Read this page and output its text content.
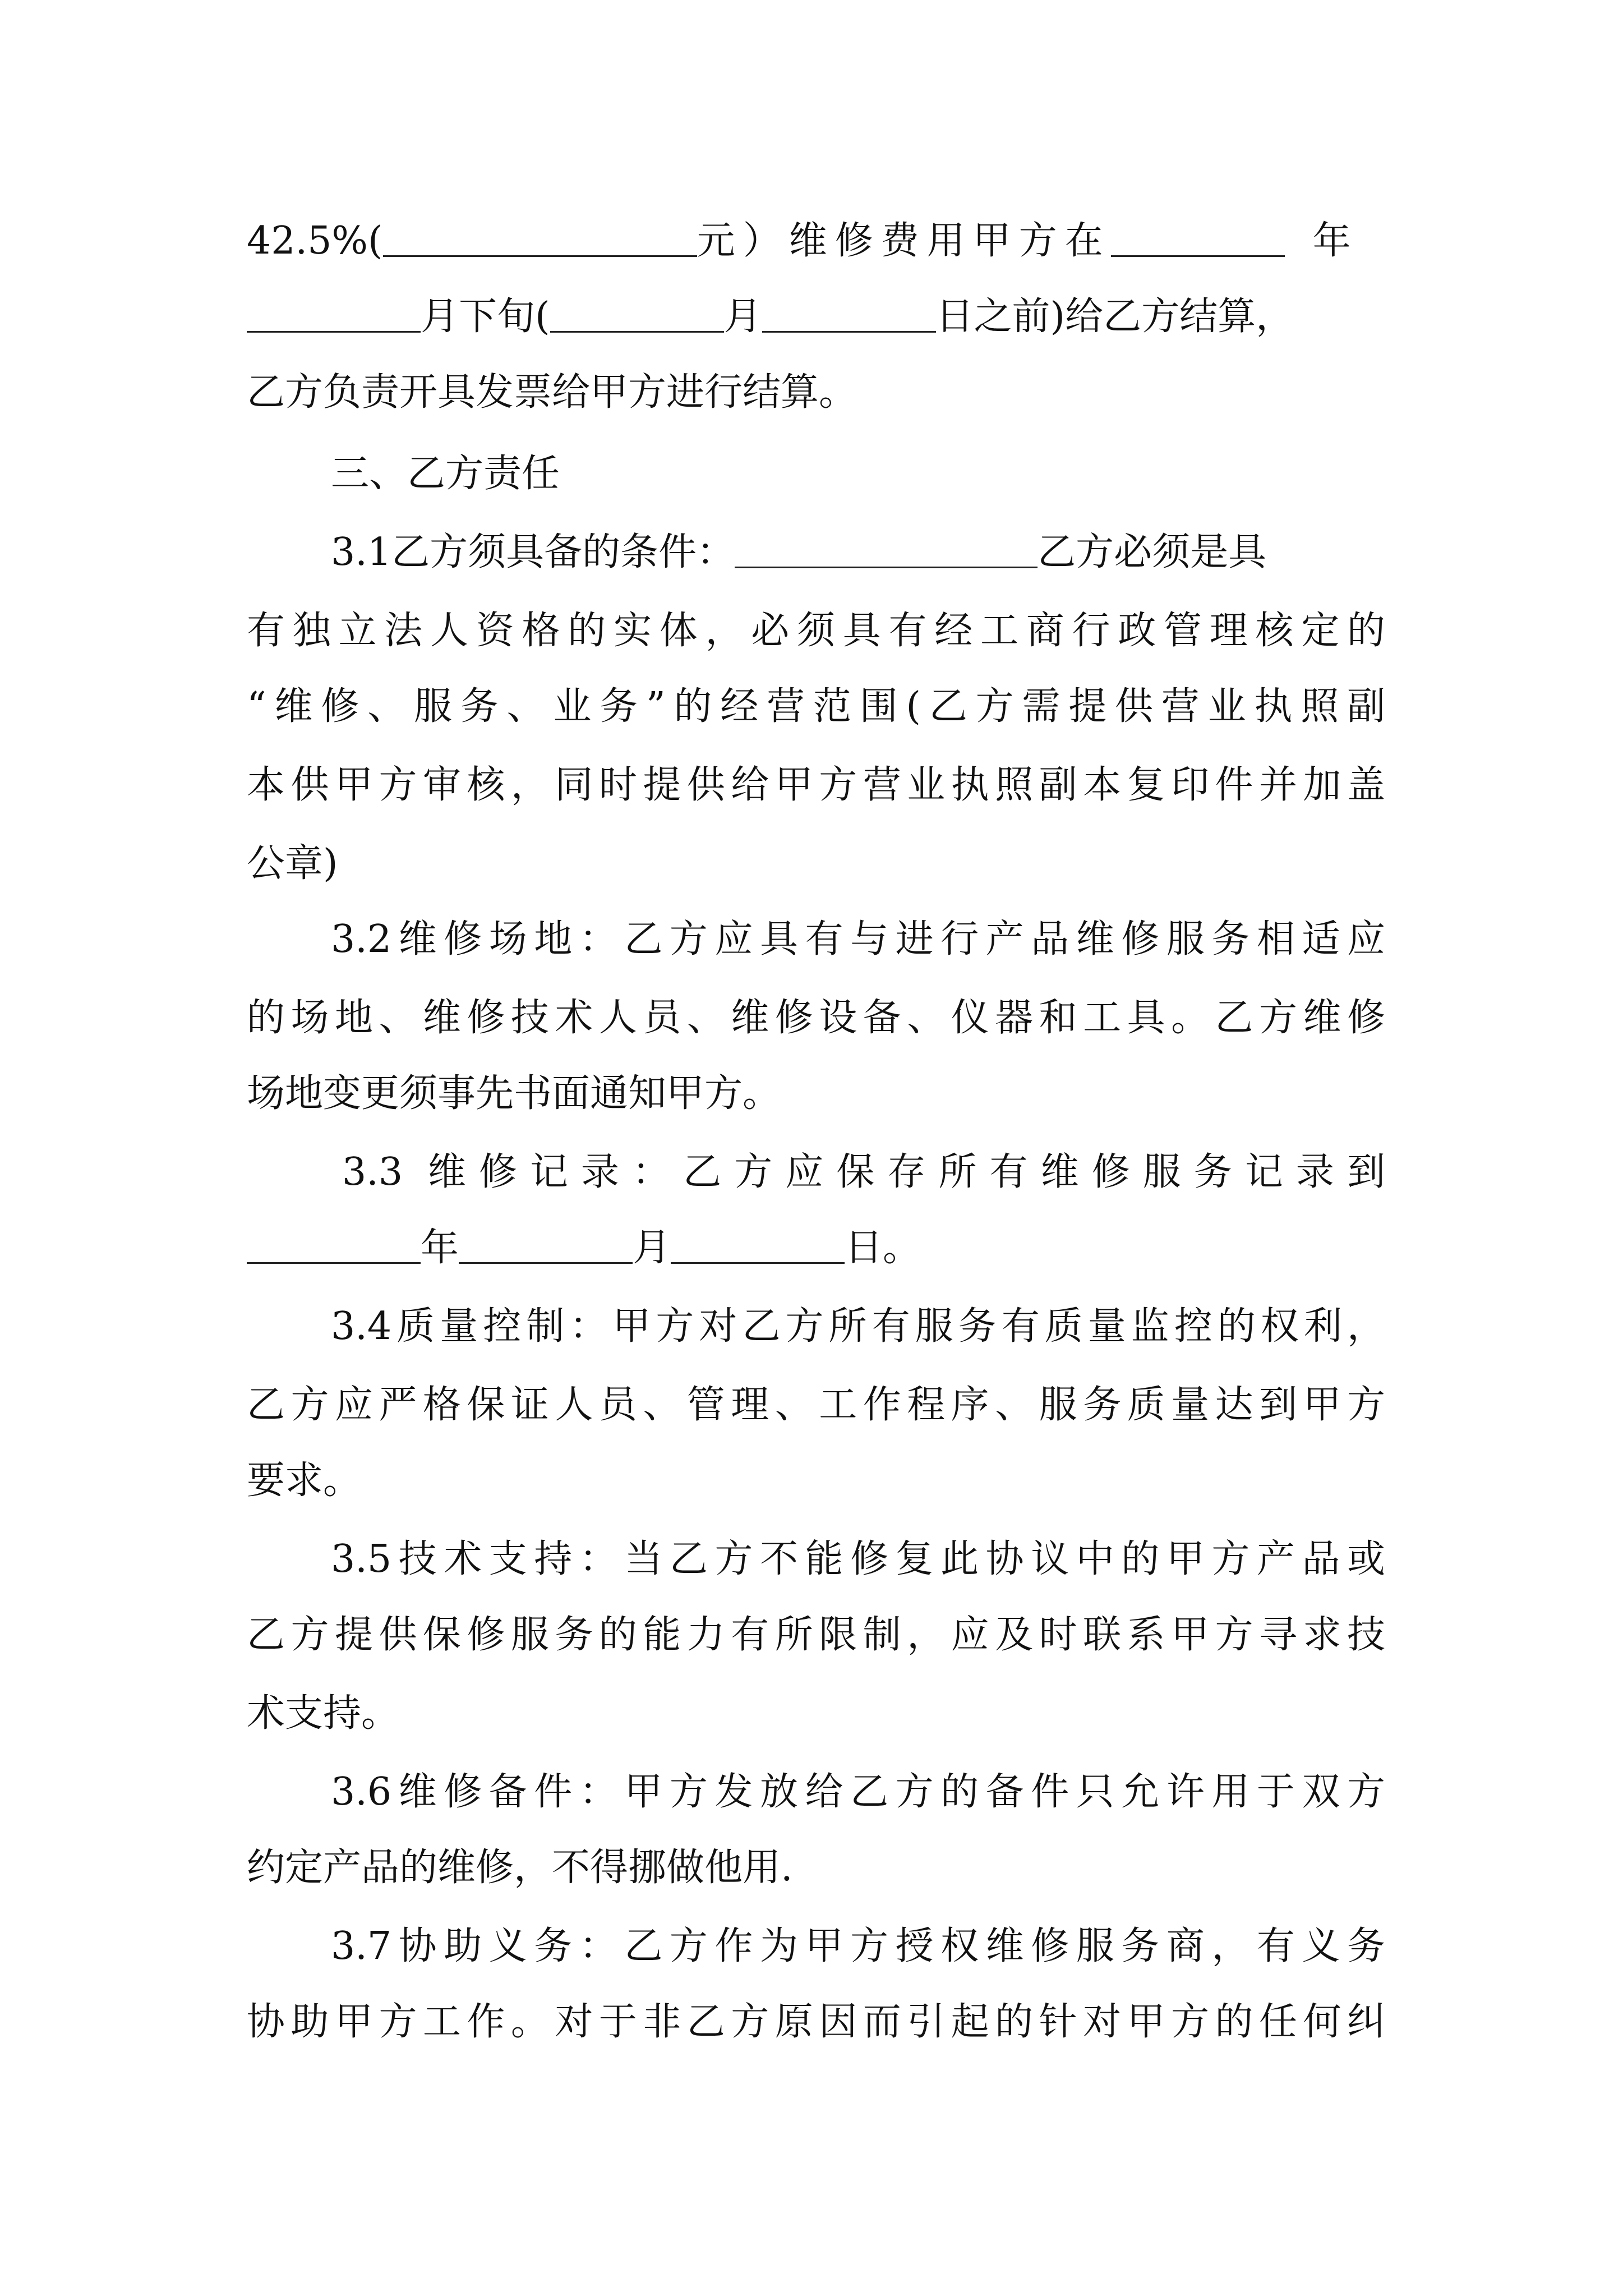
42.5%(	元）维修费用甲方在	年
月下旬(	月	日之前)给乙方结算，
乙方负责开具发票给甲方进行结算。
三、乙方责任
3.1乙方须具备的条件：	乙方必须是具
有独立法人资格的实体，必须具有经工商行政管理核定的
“维修、服务、业务”的经营范围(乙方需提供营业执照副
本供甲方审核，同时提供给甲方营业执照副本复印件并加盖
公章)
3.2维修场地：乙方应具有与进行产品维修服务相适应
的场地、维修技术人员、维修设备、仪器和工具。乙方维修
场地变更须事先书面通知甲方。
3.3 维修记录：乙方应保存所有维修服务记录到
年	月	日。
3.4质量控制：甲方对乙方所有服务有质量监控的权利，
乙方应严格保证人员、管理、工作程序、服务质量达到甲方
要求。
3.5技术支持：当乙方不能修复此协议中的甲方产品或
乙方提供保修服务的能力有所限制，应及时联系甲方寻求技
术支持。
3.6维修备件：甲方发放给乙方的备件只允许用于双方
约定产品的维修，不得挪做他用.
3.7协助义务：乙方作为甲方授权维修服务商，有义务
协助甲方工作。对于非乙方原因而引起的针对甲方的任何纠
